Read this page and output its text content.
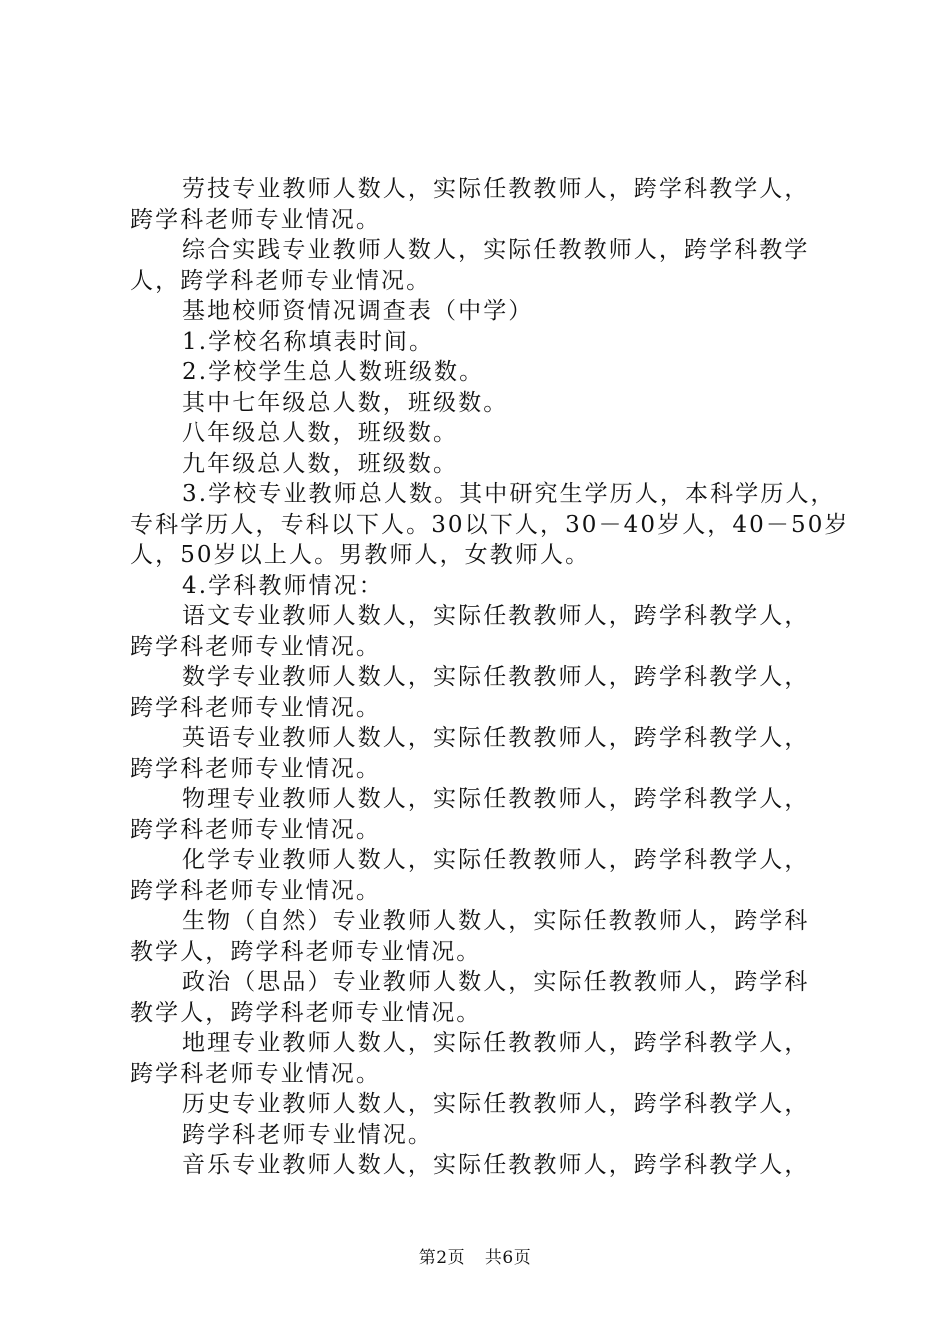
劳技专业教师人数人，实际任教教师人，跨学科教学人，
跨学科老师专业情况。
综合实践专业教师人数人，实际任教教师人，跨学科教学
人，跨学科老师专业情况。
基地校师资情况调查表（中学）
1.学校名称填表时间。
2.学校学生总人数班级数。
其中七年级总人数，班级数。
八年级总人数，班级数。
九年级总人数，班级数。
3.学校专业教师总人数。其中研究生学历人，本科学历人，
专科学历人，专科以下人。30以下人，30－40岁人，40－50岁
人，50岁以上人。男教师人，女教师人。
4.学科教师情况：
语文专业教师人数人，实际任教教师人，跨学科教学人，
跨学科老师专业情况。
数学专业教师人数人，实际任教教师人，跨学科教学人，
跨学科老师专业情况。
英语专业教师人数人，实际任教教师人，跨学科教学人，
跨学科老师专业情况。
物理专业教师人数人，实际任教教师人，跨学科教学人，
跨学科老师专业情况。
化学专业教师人数人，实际任教教师人，跨学科教学人，
跨学科老师专业情况。
生物（自然）专业教师人数人，实际任教教师人，跨学科
教学人，跨学科老师专业情况。
政治（思品）专业教师人数人，实际任教教师人，跨学科
教学人，跨学科老师专业情况。
地理专业教师人数人，实际任教教师人，跨学科教学人，
跨学科老师专业情况。
历史专业教师人数人，实际任教教师人，跨学科教学人，
跨学科老师专业情况。
音乐专业教师人数人，实际任教教师人，跨学科教学人，
第2页 共6页
